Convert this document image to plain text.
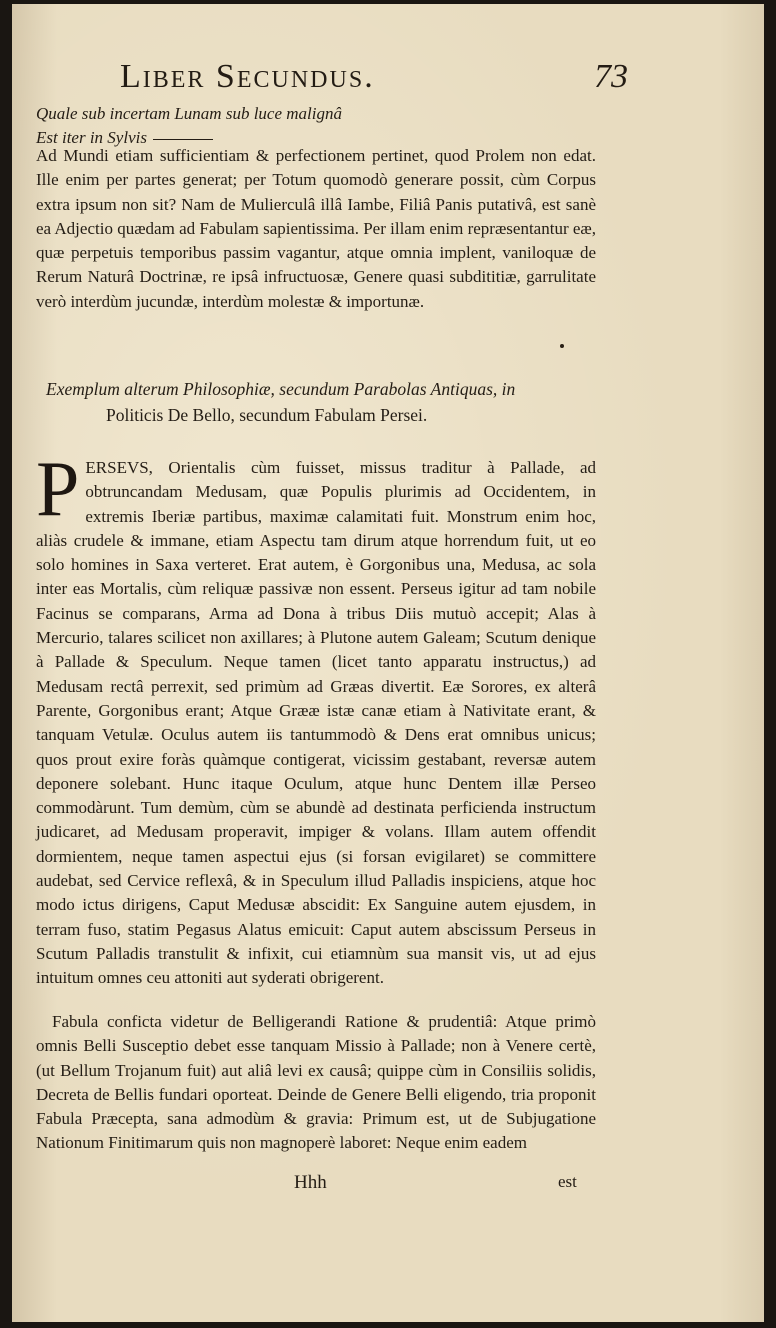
Liber Secundus.	73
Quale sub incertam Lunam sub luce malignâ
Est iter in Sylvis
Ad Mundi etiam sufficientiam & perfectionem pertinet, quod Prolem non edat. Ille enim per partes generat; per Totum quomodò generare possit, cùm Corpus extra ipsum non sit? Nam de Mulierculâ illâ Iambe, Filiâ Panis putativâ, est sanè ea Adjectio quædam ad Fabulam sapientissima. Per illam enim repræsentantur eæ, quæ perpetuis temporibus passim vagantur, atque omnia implent, vaniloquæ de Rerum Naturâ Doctrinæ, re ipsâ infructuosæ, Genere quasi subdititiæ, garrulitate verò interdùm jucundæ, interdùm molestæ & importunæ.
Exemplum alterum Philosophiæ, secundum Parabolas Antiquas, in
Politicis De Bello, secundum Fabulam Persei.
P ERSEVS, Orientalis cùm fuisset, missus traditur à Pallade, ad obtruncandam Medusam, quæ Populis plurimis ad Occidentem, in extremis Iberiæ partibus, maximæ calamitati fuit. Monstrum enim hoc, aliàs crudele & immane, etiam Aspectu tam dirum atque horrendum fuit, ut eo solo homines in Saxa verteret. Erat autem, è Gorgonibus una, Medusa, ac sola inter eas Mortalis, cùm reliquæ passivæ non essent. Perseus igitur ad tam nobile Facinus se comparans, Arma ad Dona à tribus Diis mutuò accepit; Alas à Mercurio, talares scilicet non axillares; à Plutone autem Galeam; Scutum denique à Pallade & Speculum. Neque tamen (licet tanto apparatu instructus,) ad Medusam rectâ perrexit, sed primùm ad Græas divertit. Eæ Sorores, ex alterâ Parente, Gorgonibus erant; Atque Grææ istæ canæ etiam à Nativitate erant, & tanquam Vetulæ. Oculus autem iis tantummodò & Dens erat omnibus unicus; quos prout exire foràs quàmque contigerat, vicissim gestabant, reversæ autem deponere solebant. Hunc itaque Oculum, atque hunc Dentem illæ Perseo commodàrunt. Tum demùm, cùm se abundè ad destinata perficienda instructum judicaret, ad Medusam properavit, impiger & volans. Illam autem offendit dormientem, neque tamen aspectui ejus (si forsan evigilaret) se committere audebat, sed Cervice reflexâ, & in Speculum illud Palladis inspiciens, atque hoc modo ictus dirigens, Caput Medusæ abscidit: Ex Sanguine autem ejusdem, in terram fuso, statim Pegasus Alatus emicuit: Caput autem abscissum Perseus in Scutum Palladis transtulit & infixit, cui etiamnùm sua mansit vis, ut ad ejus intuitum omnes ceu attoniti aut syderati obrigerent.
Fabula conficta videtur de Belligerandi Ratione & prudentiâ: Atque primò omnis Belli Susceptio debet esse tanquam Missio à Pallade; non à Venere certè, (ut Bellum Trojanum fuit) aut aliâ levi ex causâ; quippe cùm in Consiliis solidis, Decreta de Bellis fundari oporteat. Deinde de Genere Belli eligendo, tria proponit Fabula Præcepta, sana admodùm & gravia: Primum est, ut de Subjugatione Nationum Finitimarum quis non magnoperè laboret: Neque enim eadem
Hhh	est
